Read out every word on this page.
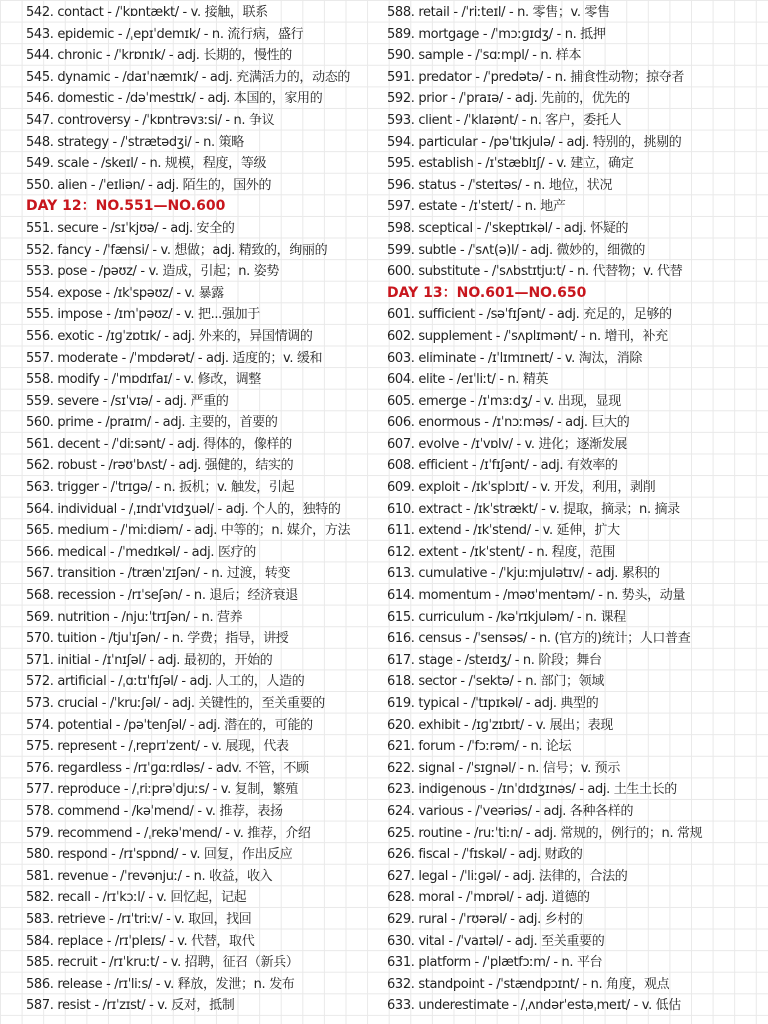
542. contact - /ˈkɒntækt/ - v. 接触，联系
543. epidemic - /ˌepɪˈdemɪk/ - n. 流行病，盛行
544. chronic - /ˈkrɒnɪk/ - adj. 长期的，慢性的
545. dynamic - /daɪˈnæmɪk/ - adj. 充满活力的，动态的
546. domestic - /dəˈmestɪk/ - adj. 本国的，家用的
547. controversy - /ˈkɒntrəvɜːsi/ - n. 争议
548. strategy - /ˈstrætədʒi/ - n. 策略
549. scale - /skeɪl/ - n. 规模，程度，等级
550. alien - /ˈeɪliən/ - adj. 陌生的，国外的
DAY 12：NO.551—NO.600
551. secure - /sɪˈkjʊə/ - adj. 安全的
552. fancy - /ˈfænsi/ - v. 想做；adj. 精致的，绚丽的
553. pose - /pəʊz/ - v. 造成，引起；n. 姿势
554. expose - /ɪkˈspəʊz/ - v. 暴露
555. impose - /ɪmˈpəʊz/ - v. 把...强加于
556. exotic - /ɪɡˈzɒtɪk/ - adj. 外来的，异国情调的
557. moderate - /ˈmɒdərət/ - adj. 适度的；v. 缓和
558. modify - /ˈmɒdɪfaɪ/ - v. 修改，调整
559. severe - /sɪˈvɪə/ - adj. 严重的
560. prime - /praɪm/ - adj. 主要的，首要的
561. decent - /ˈdiːsənt/ - adj. 得体的，像样的
562. robust - /rəʊˈbʌst/ - adj. 强健的，结实的
563. trigger - /ˈtrɪɡə/ - n. 扳机；v. 触发，引起
564. individual - /ˌɪndɪˈvɪdʒuəl/ - adj. 个人的，独特的
565. medium - /ˈmiːdiəm/ - adj. 中等的；n. 媒介，方法
566. medical - /ˈmedɪkəl/ - adj. 医疗的
567. transition - /trænˈzɪʃən/ - n. 过渡，转变
568. recession - /rɪˈseʃən/ - n. 退后；经济衰退
569. nutrition - /njuːˈtrɪʃən/ - n. 营养
570. tuition - /tjuˈɪʃən/ - n. 学费；指导，讲授
571. initial - /ɪˈnɪʃəl/ - adj. 最初的，开始的
572. artificial - /ˌɑːtɪˈfɪʃəl/ - adj. 人工的，人造的
573. crucial - /ˈkruːʃəl/ - adj. 关键性的，至关重要的
574. potential - /pəˈtenʃəl/ - adj. 潜在的，可能的
575. represent - /ˌreprɪˈzent/ - v. 展现，代表
576. regardless - /rɪˈɡɑːrdləs/ - adv. 不管，不顾
577. reproduce - /ˌriːprəˈdjuːs/ - v. 复制，繁殖
578. commend - /kəˈmend/ - v. 推荐，表扬
579. recommend - /ˌrekəˈmend/ - v. 推荐，介绍
580. respond - /rɪˈspɒnd/ - v. 回复，作出反应
581. revenue - /ˈrevənjuː/ - n. 收益，收入
582. recall - /rɪˈkɔːl/ - v. 回忆起，记起
583. retrieve - /rɪˈtriːv/ - v. 取回，找回
584. replace - /rɪˈpleɪs/ - v. 代替，取代
585. recruit - /rɪˈkruːt/ - v. 招聘，征召（新兵）
586. release - /rɪˈliːs/ - v. 释放，发泄；n. 发布
587. resist - /rɪˈzɪst/ - v. 反对，抵制
588. retail - /ˈriːteɪl/ - n. 零售；v. 零售
589. mortgage - /ˈmɔːɡɪdʒ/ - n. 抵押
590. sample - /ˈsɑːmpl/ - n. 样本
591. predator - /ˈpredətə/ - n. 捕食性动物；掠夺者
592. prior - /ˈpraɪə/ - adj. 先前的，优先的
593. client - /ˈklaɪənt/ - n. 客户，委托人
594. particular - /pəˈtɪkjulə/ - adj. 特别的，挑剔的
595. establish - /ɪˈstæblɪʃ/ - v. 建立，确定
596. status - /ˈsteɪtəs/ - n. 地位，状况
597. estate - /ɪˈsteɪt/ - n. 地产
598. sceptical - /ˈskeptɪkəl/ - adj. 怀疑的
599. subtle - /ˈsʌt(ə)l/ - adj. 微妙的，细微的
600. substitute - /ˈsʌbstɪtjuːt/ - n. 代替物；v. 代替
DAY 13：NO.601—NO.650
601. sufficient - /səˈfɪʃənt/ - adj. 充足的，足够的
602. supplement - /ˈsʌplɪmənt/ - n. 增刊，补充
603. eliminate - /ɪˈlɪmɪneɪt/ - v. 淘汰，消除
604. elite - /eɪˈliːt/ - n. 精英
605. emerge - /ɪˈmɜːdʒ/ - v. 出现，显现
606. enormous - /ɪˈnɔːməs/ - adj. 巨大的
607. evolve - /ɪˈvɒlv/ - v. 进化；逐渐发展
608. efficient - /ɪˈfɪʃənt/ - adj. 有效率的
609. exploit - /ɪkˈsplɔɪt/ - v. 开发，利用，剥削
610. extract - /ɪkˈstrækt/ - v. 提取，摘录；n. 摘录
611. extend - /ɪkˈstend/ - v. 延伸，扩大
612. extent - /ɪkˈstent/ - n. 程度，范围
613. cumulative - /ˈkjuːmjulətɪv/ - adj. 累积的
614. momentum - /məʊˈmentəm/ - n. 势头，动量
615. curriculum - /kəˈrɪkjuləm/ - n. 课程
616. census - /ˈsensəs/ - n. (官方的)统计；人口普查
617. stage - /steɪdʒ/ - n. 阶段；舞台
618. sector - /ˈsektə/ - n. 部门；领域
619. typical - /ˈtɪpɪkəl/ - adj. 典型的
620. exhibit - /ɪɡˈzɪbɪt/ - v. 展出；表现
621. forum - /ˈfɔːrəm/ - n. 论坛
622. signal - /ˈsɪɡnəl/ - n. 信号；v. 预示
623. indigenous - /ɪnˈdɪdʒɪnəs/ - adj. 土生土长的
624. various - /ˈveəriəs/ - adj. 各种各样的
625. routine - /ruːˈtiːn/ - adj. 常规的，例行的；n. 常规
626. fiscal - /ˈfɪskəl/ - adj. 财政的
627. legal - /ˈliːɡəl/ - adj. 法律的，合法的
628. moral - /ˈmɒrəl/ - adj. 道德的
629. rural - /ˈrʊərəl/ - adj. 乡村的
630. vital - /ˈvaɪtəl/ - adj. 至关重要的
631. platform - /ˈplætfɔːm/ - n. 平台
632. standpoint - /ˈstændpɔɪnt/ - n. 角度，观点
633. underestimate - /ˌʌndərˈestəˌmeɪt/ - v. 低估
